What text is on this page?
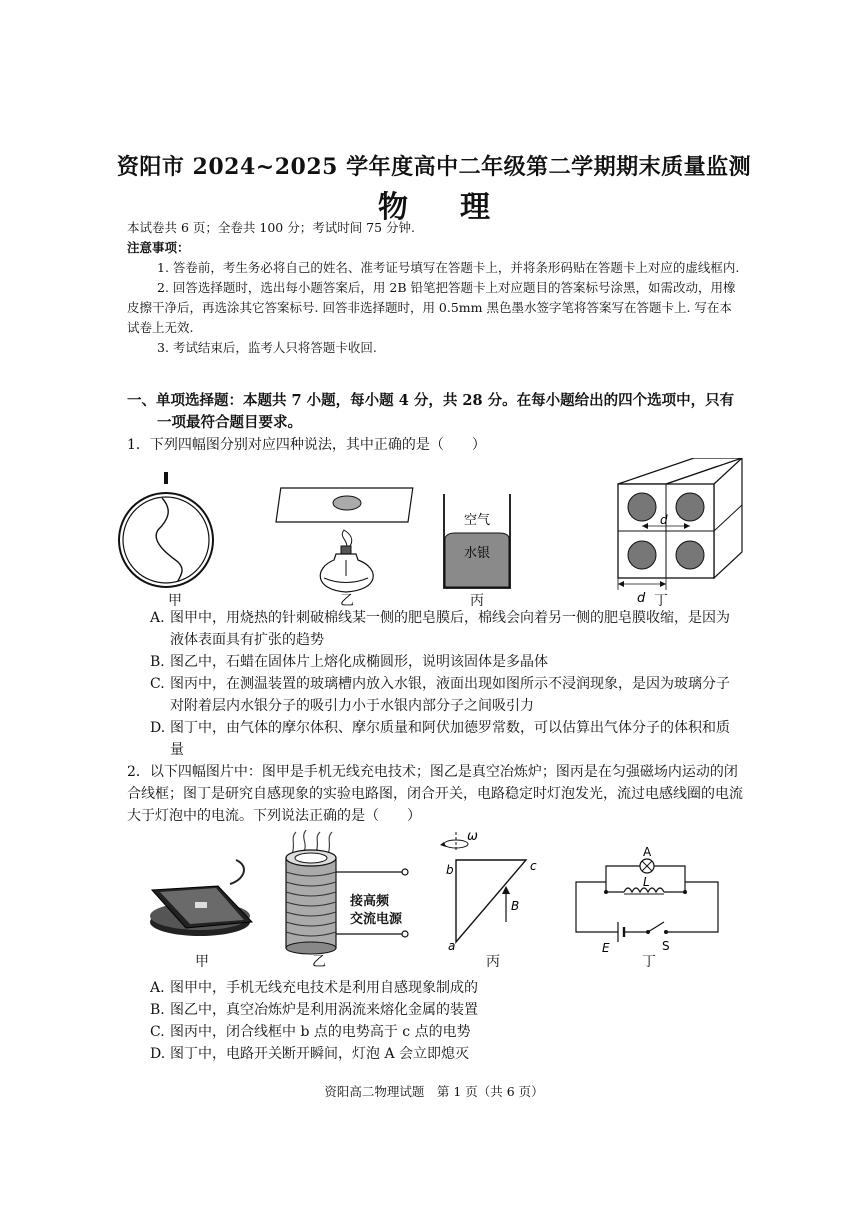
资阳市 2024~2025 学年度高中二年级第二学期期末质量监测
物理

本试卷共 6 页；全卷共 100 分；考试时间 75 分钟.

注意事项：

1. 答卷前，考生务必将自己的姓名、准考证号填写在答题卡上，并将条形码贴在答题卡上对应的虚线框内.

2. 回答选择题时，选出每小题答案后，用 2B 铅笔把答题卡上对应题目的答案标号涂黑，如需改动，用橡皮擦干净后，再选涂其它答案标号. 回答非选择题时，用 0.5mm 黑色墨水签字笔将答案写在答题卡上. 写在本试卷上无效.

3. 考试结束后，监考人只将答题卡收回.

一、单项选择题：本题共 7 小题，每小题 4 分，共 28 分。在每小题给出的四个选项中，只有
一项最符合题目要求。
1．下列四幅图分别对应四种说法，其中正确的是（　　）
空气
水银
d
d
甲	乙	丙	丁
A. 图甲中，用烧热的针刺破棉线某一侧的肥皂膜后，棉线会向着另一侧的肥皂膜收缩，是因为液体表面具有扩张的趋势
B. 图乙中，石蜡在固体片上熔化成椭圆形，说明该固体是多晶体
C. 图丙中，在测温装置的玻璃槽内放入水银，液面出现如图所示不浸润现象，是因为玻璃分子对附着层内水银分子的吸引力小于水银内部分子之间吸引力
D. 图丁中，由气体的摩尔体积、摩尔质量和阿伏加德罗常数，可以估算出气体分子的体积和质量
2．以下四幅图片中：图甲是手机无线充电技术；图乙是真空冶炼炉；图丙是在匀强磁场内运动的闭合线框；图丁是研究自感现象的实验电路图，闭合开关，电路稳定时灯泡发光，流过电感线圈的电流大于灯泡中的电流。下列说法正确的是（　　）
ω
b	c
a
B
A
L
E	S
接高频
交流电源
甲	乙	丙	丁
A. 图甲中，手机无线充电技术是利用自感现象制成的
B. 图乙中，真空冶炼炉是利用涡流来熔化金属的装置
C. 图丙中，闭合线框中 b 点的电势高于 c 点的电势
D. 图丁中，电路开关断开瞬间，灯泡 A 会立即熄灭
资阳高二物理试题　第 1 页（共 6 页）
